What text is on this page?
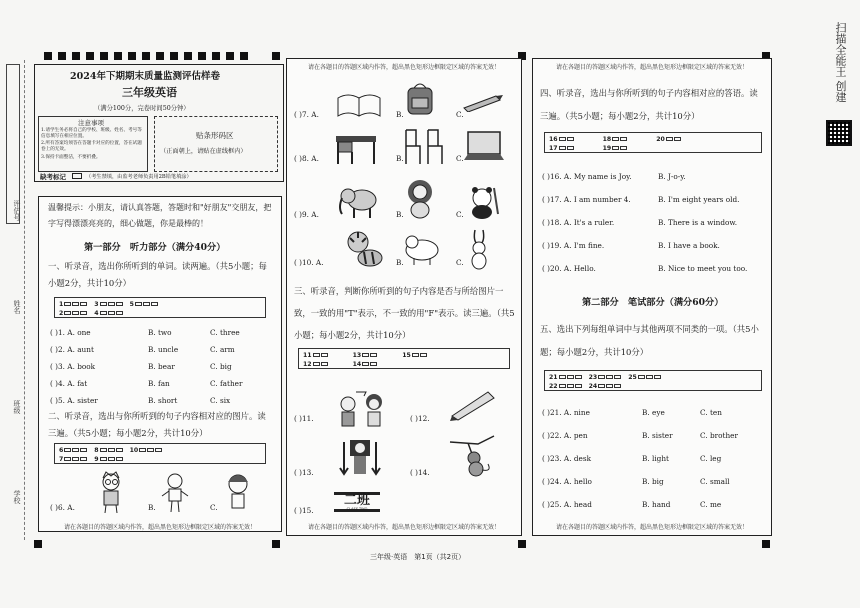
评估号
姓名
班级
学校
扫描全能王 创建
2024年下期期末质量监测评估样卷
三年级英语
（满分100分，完卷时间50分钟）
注意事项
1.请学生务必将自己的学校、班级、姓名、考号等信息填写在相应位置。
2.所有答案均须答在答题卡对应的位置，答在试题卷上的无效。
3.保持卡面整洁，不要折叠。
贴条形码区
（正面朝上，请贴在虚线框内）
缺考标记	（考生禁填，由监考老师负责用2B铅笔填涂）
温馨提示：小朋友，请认真答题，答题时和"好朋友"交朋友，把字写得漂漂亮亮的，细心做题，你是最棒的！
第一部分　听力部分（满分40分）
一、听录音，选出你所听到的单词。读两遍。（共5小题；每小题2分，共计10分）
1	3	5
2	4
( )1. A. one	B. two	C. three
( )2. A. aunt	B. uncle	C. arm
( )3. A. book	B. bear	C. big
( )4. A. fat	B. fan	C. father
( )5. A. sister	B. short	C. six
二、听录音，选出与你所听到的句子内容相对应的图片。读三遍。（共5小题；每小题2分，共计10分）
6	8	10
7	9
( )6. A.	B.	C.
请在各题目的答题区域内作答，超出黑色矩形边框限定区域的答案无效！
请在各题目的答题区域内作答，超出黑色矩形边框限定区域的答案无效！
( )7. A.	B.	C.
( )8. A.	B.	C.
( )9. A.	B.	C.
( )10. A.	B.	C.
三、听录音，判断你所听到的句子内容是否与所给图片一致，一致的用"T"表示，不一致的用"F"表示。读三遍。（共5小题；每小题2分，共计10分）
11	13	15
12	14
( )11.	( )12.
( )13.	( )14.
( )15.
二班
CLASS TWO
请在各题目的答题区域内作答，超出黑色矩形边框限定区域的答案无效！
请在各题目的答题区域内作答，超出黑色矩形边框限定区域的答案无效！
四、听录音，选出与你所听到的句子内容相对应的答语。读三遍。（共5小题；每小题2分，共计10分）
16	18	20
17	19
( )16. A. My name is Joy.	B. J-o-y.
( )17. A. I am number 4.	B. I'm eight years old.
( )18. A. It's a ruler.	B. There is a window.
( )19. A. I'm fine.	B. I have a book.
( )20. A. Hello.	B. Nice to meet you too.
第二部分　笔试部分（满分60分）
五、选出下列每组单词中与其他两项不同类的一项。（共5小题；每小题2分，共计10分）
21	23	25
22	24
( )21. A. nine	B. eye	C. ten
( )22. A. pen	B. sister	C. brother
( )23. A. desk	B. light	C. leg
( )24. A. hello	B. big	C. small
( )25. A. head	B. hand	C. me
请在各题目的答题区域内作答，超出黑色矩形边框限定区域的答案无效！
三年级·英语　第1页（共2页）
